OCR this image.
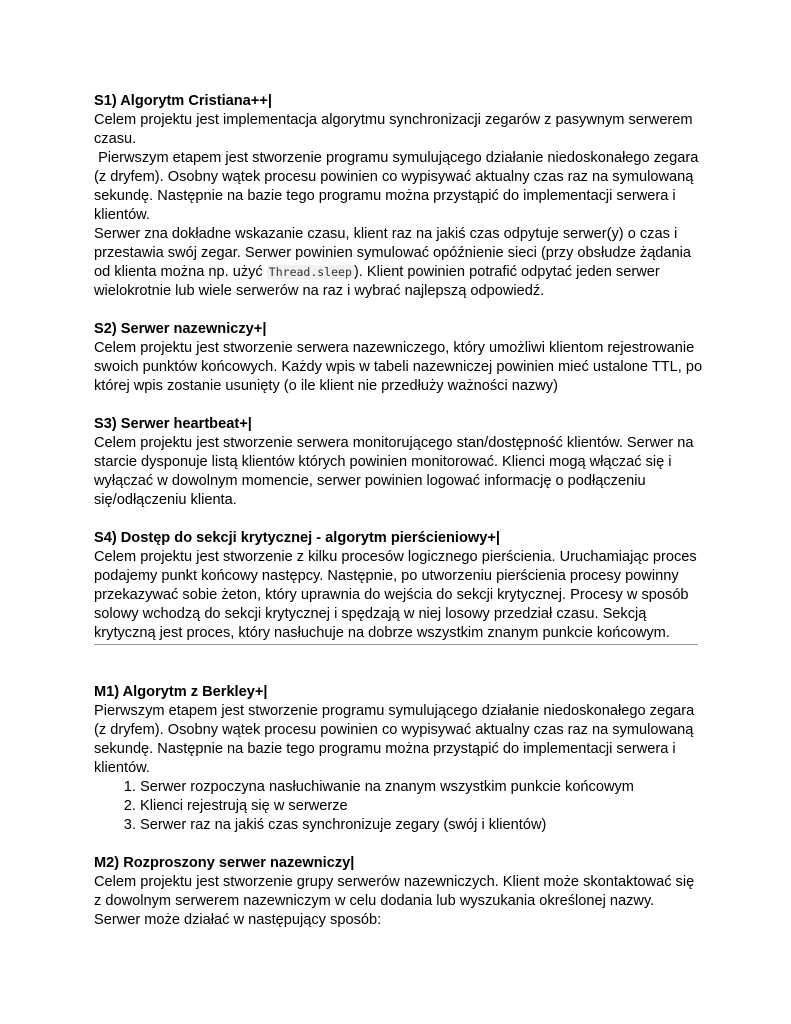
S1) Algorytm Cristiana++|

Celem projektu jest implementacja algorytmu synchronizacji zegarów z pasywnym serwerem czasu.

Pierwszym etapem jest stworzenie programu symulującego działanie niedoskonałego zegara (z dryfem). Osobny wątek procesu powinien co wypisywać aktualny czas raz na symulowaną sekundę. Następnie na bazie tego programu można przystąpić do implementacji serwera i klientów.

Serwer zna dokładne wskazanie czasu, klient raz na jakiś czas odpytuje serwer(y) o czas i przestawia swój zegar. Serwer powinien symulować opóźnienie sieci (przy obsłudze żądania od klienta można np. użyć Thread.sleep ). Klient powinien potrafić odpytać jeden serwer wielokrotnie lub wiele serwerów na raz i wybrać najlepszą odpowiedź.

S2) Serwer nazewniczy+|

Celem projektu jest stworzenie serwera nazewniczego, który umożliwi klientom rejestrowanie swoich punktów końcowych. Każdy wpis w tabeli nazewniczej powinien mieć ustalone TTL, po której wpis zostanie usunięty (o ile klient nie przedłuży ważności nazwy)

S3) Serwer heartbeat+|

Celem projektu jest stworzenie serwera monitorującego stan/dostępność klientów. Serwer na starcie dysponuje listą klientów których powinien monitorować. Klienci mogą włączać się i wyłączać w dowolnym momencie, serwer powinien logować informację o podłączeniu się/odłączeniu klienta.

S4) Dostęp do sekcji krytycznej - algorytm pierścieniowy+|

Celem projektu jest stworzenie z kilku procesów logicznego pierścienia. Uruchamiając proces podajemy punkt końcowy następcy. Następnie, po utworzeniu pierścienia procesy powinny przekazywać sobie żeton, który uprawnia do wejścia do sekcji krytycznej. Procesy w sposób solowy wchodzą do sekcji krytycznej i spędzają w niej losowy przedział czasu. Sekcją krytyczną jest proces, który nasłuchuje na dobrze wszystkim znanym punkcie końcowym.

M1) Algorytm z Berkley+|

Pierwszym etapem jest stworzenie programu symulującego działanie niedoskonałego zegara (z dryfem). Osobny wątek procesu powinien co wypisywać aktualny czas raz na symulowaną sekundę. Następnie na bazie tego programu można przystąpić do implementacji serwera i klientów.

1. Serwer rozpoczyna nasłuchiwanie na znanym wszystkim punkcie końcowym
2. Klienci rejestrują się w serwerze
3. Serwer raz na jakiś czas synchronizuje zegary (swój i klientów)
M2) Rozproszony serwer nazewniczy|

Celem projektu jest stworzenie grupy serwerów nazewniczych. Klient może skontaktować się z dowolnym serwerem nazewniczym w celu dodania lub wyszukania określonej nazwy. Serwer może działać w następujący sposób:
